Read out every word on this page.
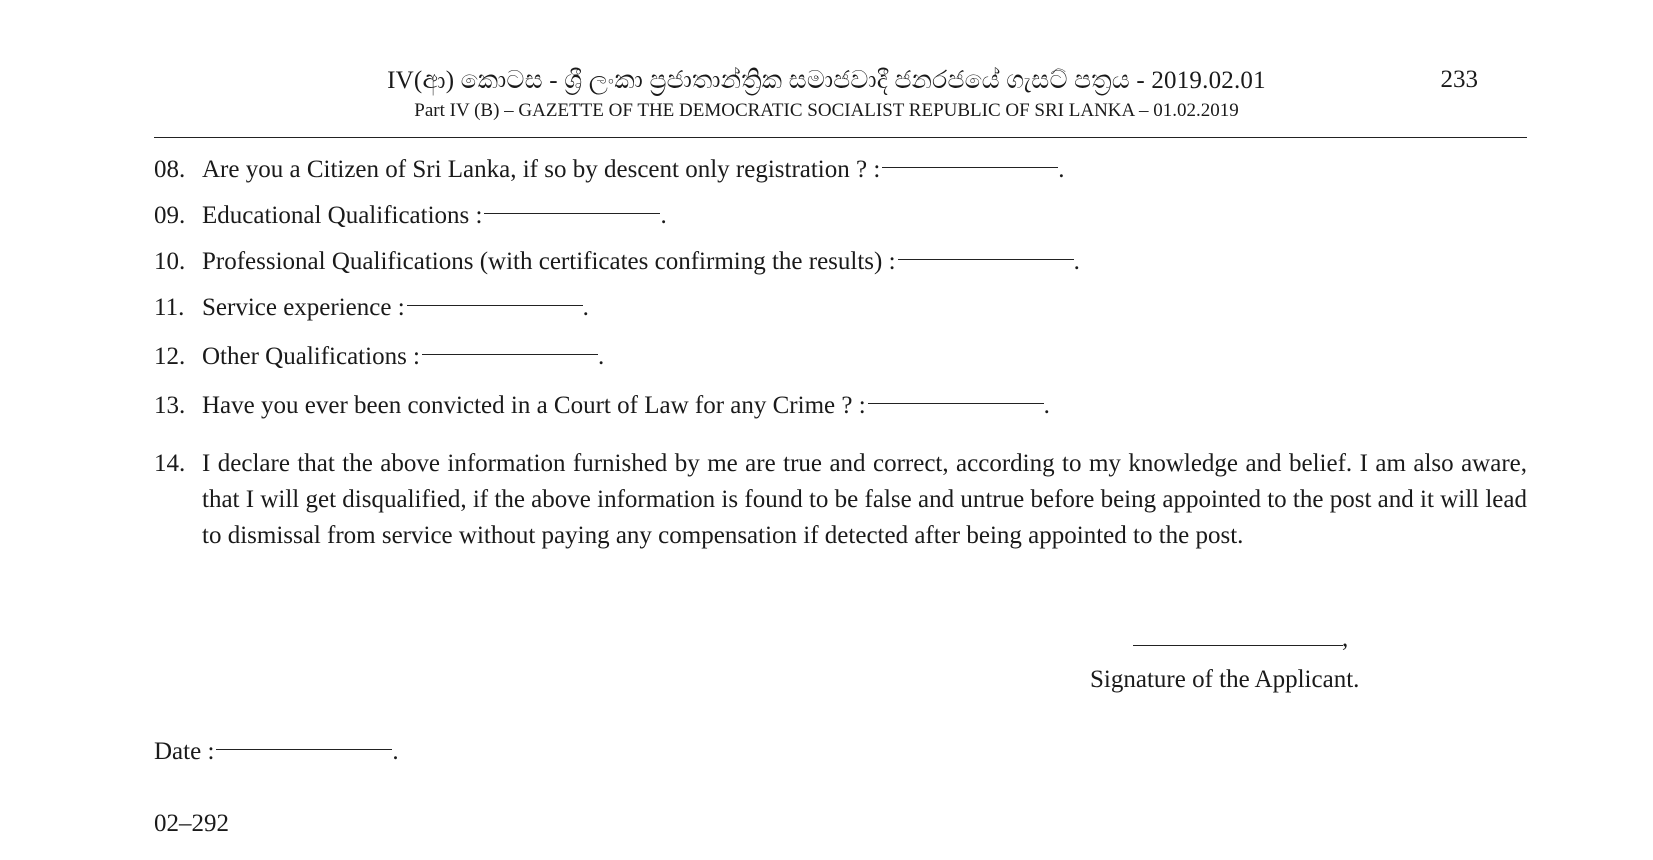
IV(ආ) කොටස - ශ්‍රී ලංකා ප්‍රජාතාන්ත්‍රික සමාජවාදී ජනරජයේ ගැසට් පත්‍රය - 2019.02.01
Part IV (B) – GAZETTE OF THE DEMOCRATIC SOCIALIST REPUBLIC OF SRI LANKA – 01.02.2019
233
08. Are you a Citizen of Sri Lanka, if so by descent only registration ? :	.
09. Educational Qualifications :	.
10. Professional Qualifications (with certificates confirming the results) :	.
11. Service experience :	.
12. Other Qualifications :	.
13. Have you ever been convicted in a Court of Law for any Crime ? :	.
14. I declare that the above information furnished by me are true and correct, according to my knowledge and belief. I am also aware, that I will get disqualified, if the above information is found to be false and untrue before being appointed to the post and it will lead to dismissal from service without paying any compensation if detected after being appointed to the post.
,
Signature of the Applicant.
Date :	.
02–292
